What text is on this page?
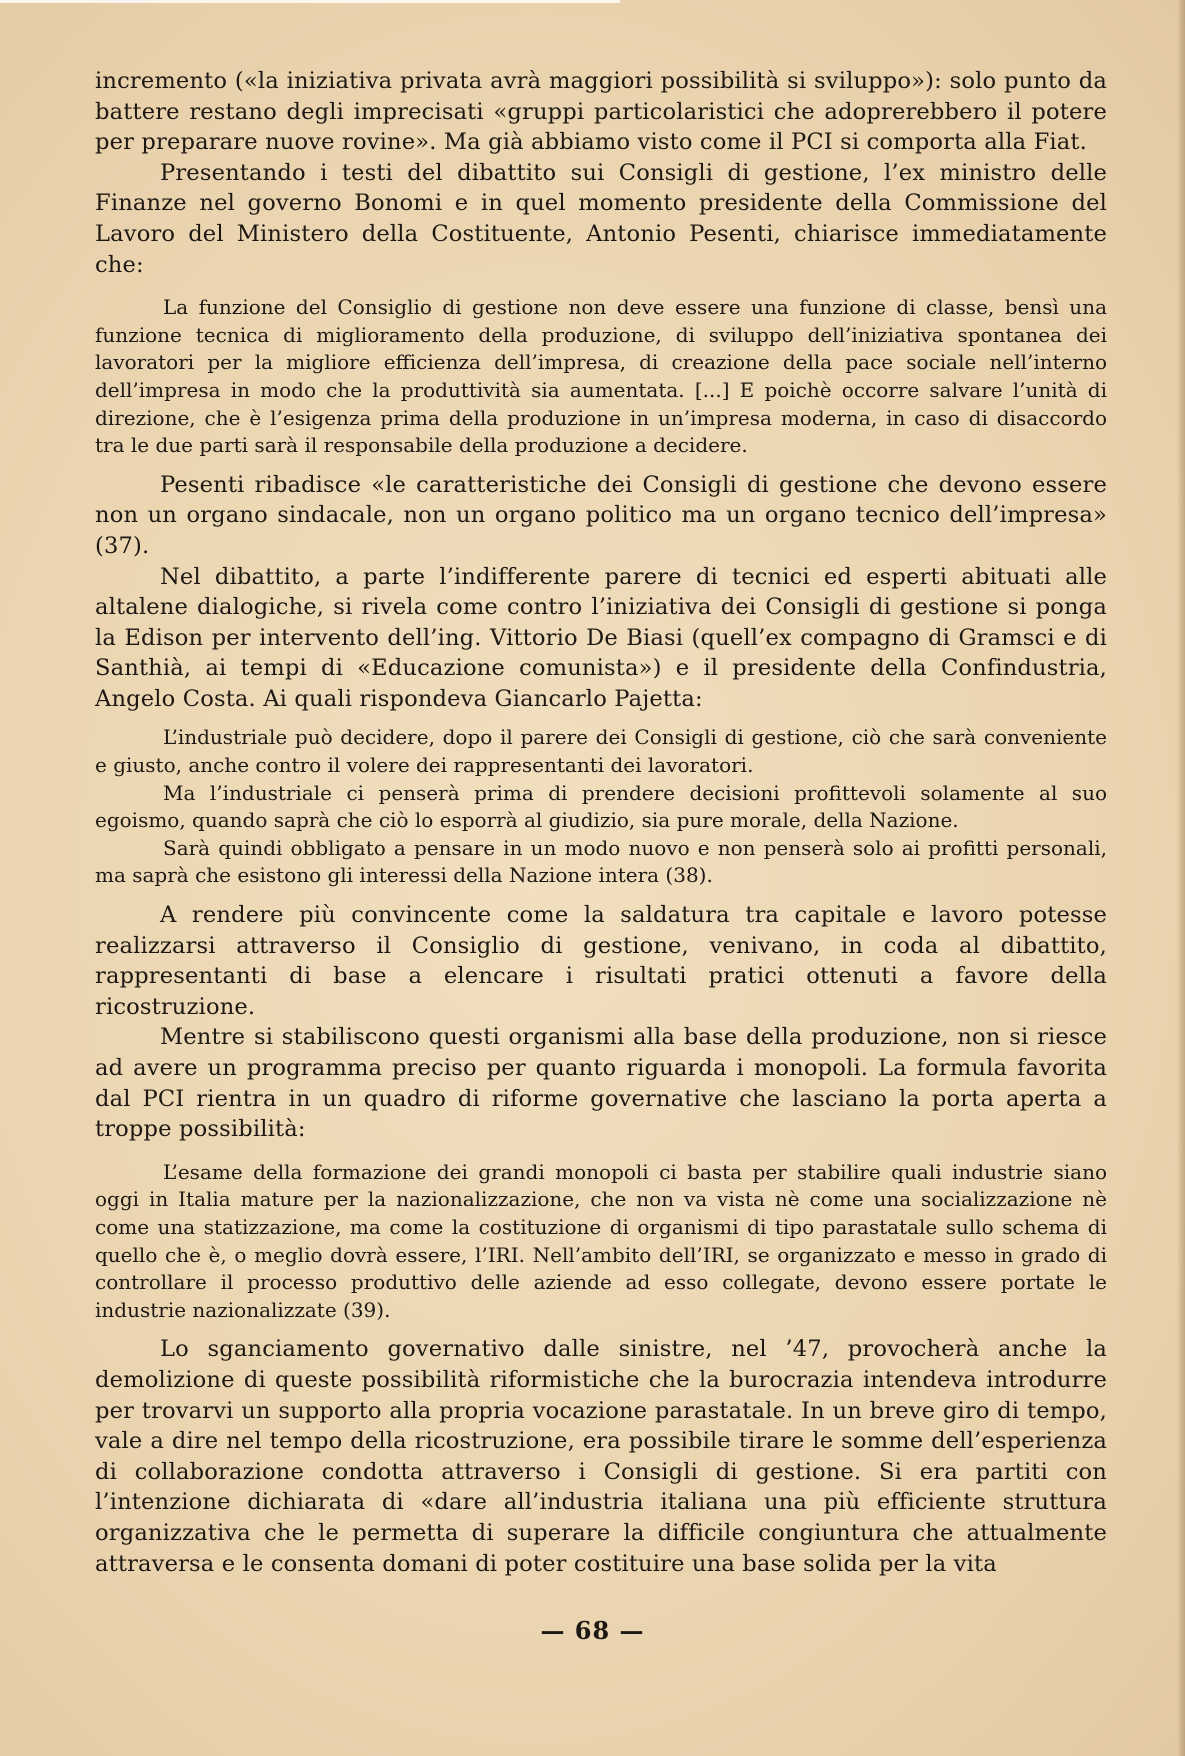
incremento («la iniziativa privata avrà maggiori possibilità si sviluppo»): solo punto da battere restano degli imprecisati «gruppi particolaristici che adoprerebbero il potere per preparare nuove rovine». Ma già abbiamo visto come il PCI si comporta alla Fiat.

Presentando i testi del dibattito sui Consigli di gestione, l’ex ministro delle Finanze nel governo Bonomi e in quel momento presidente della Commissione del Lavoro del Ministero della Costituente, Antonio Pesenti, chiarisce immediatamente che:

La funzione del Consiglio di gestione non deve essere una funzione di classe, bensì una funzione tecnica di miglioramento della produzione, di sviluppo dell’iniziativa spontanea dei lavoratori per la migliore efficienza dell’impresa, di creazione della pace sociale nell’interno dell’impresa in modo che la produttività sia aumentata. [...] E poichè occorre salvare l’unità di direzione, che è l’esigenza prima della produzione in un’impresa moderna, in caso di disaccordo tra le due parti sarà il responsabile della produzione a decidere.

Pesenti ribadisce «le caratteristiche dei Consigli di gestione che devono essere non un organo sindacale, non un organo politico ma un organo tecnico dell’impresa» (37).

Nel dibattito, a parte l’indifferente parere di tecnici ed esperti abituati alle altalene dialogiche, si rivela come contro l’iniziativa dei Consigli di gestione si ponga la Edison per intervento dell’ing. Vittorio De Biasi (quell’ex compagno di Gramsci e di Santhià, ai tempi di «Educazione comunista») e il presidente della Confindustria, Angelo Costa. Ai quali rispondeva Giancarlo Pajetta:

L’industriale può decidere, dopo il parere dei Consigli di gestione, ciò che sarà conveniente e giusto, anche contro il volere dei rappresentanti dei lavoratori.

Ma l’industriale ci penserà prima di prendere decisioni profittevoli solamente al suo egoismo, quando saprà che ciò lo esporrà al giudizio, sia pure morale, della Nazione.

Sarà quindi obbligato a pensare in un modo nuovo e non penserà solo ai profitti personali, ma saprà che esistono gli interessi della Nazione intera (38).

A rendere più convincente come la saldatura tra capitale e lavoro potesse realizzarsi attraverso il Consiglio di gestione, venivano, in coda al dibattito, rappresentanti di base a elencare i risultati pratici ottenuti a favore della ricostruzione.

Mentre si stabiliscono questi organismi alla base della produzione, non si riesce ad avere un programma preciso per quanto riguarda i monopoli. La formula favorita dal PCI rientra in un quadro di riforme governative che lasciano la porta aperta a troppe possibilità:

L’esame della formazione dei grandi monopoli ci basta per stabilire quali industrie siano oggi in Italia mature per la nazionalizzazione, che non va vista nè come una socializzazione nè come una statizzazione, ma come la costituzione di organismi di tipo parastatale sullo schema di quello che è, o meglio dovrà essere, l’IRI. Nell’ambito dell’IRI, se organizzato e messo in grado di controllare il processo produttivo delle aziende ad esso collegate, devono essere portate le industrie nazionalizzate (39).

Lo sganciamento governativo dalle sinistre, nel ’47, provocherà anche la demolizione di queste possibilità riformistiche che la burocrazia intendeva introdurre per trovarvi un supporto alla propria vocazione parastatale. In un breve giro di tempo, vale a dire nel tempo della ricostruzione, era possibile tirare le somme dell’esperienza di collaborazione condotta attraverso i Consigli di gestione. Si era partiti con l’intenzione dichiarata di «dare all’industria italiana una più efficiente struttura organizzativa che le permetta di superare la difficile congiuntura che attualmente attraversa e le consenta domani di poter costituire una base solida per la vita

— 68 —
